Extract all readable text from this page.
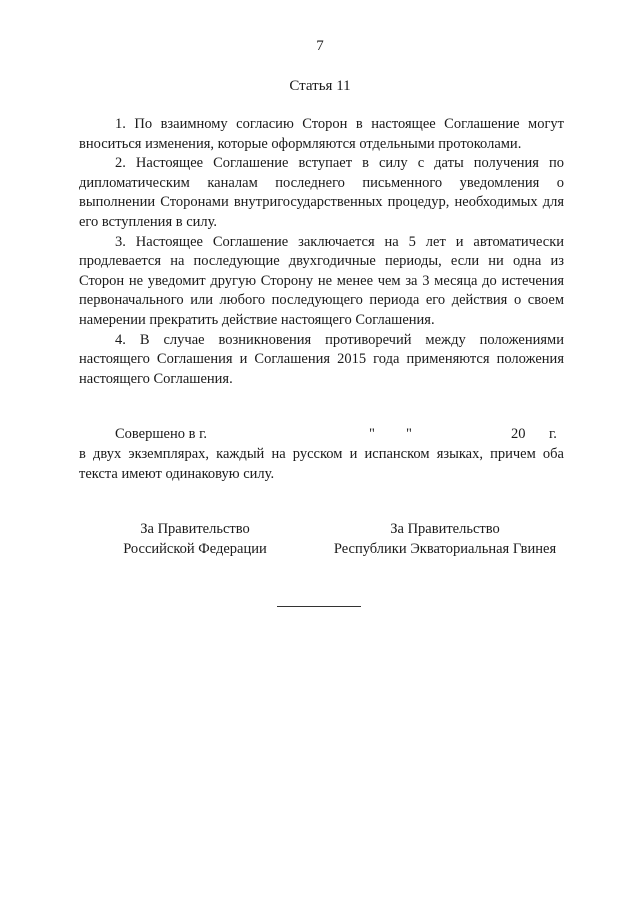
7
Статья 11

1. По взаимному согласию Сторон в настоящее Соглашение могут вноситься изменения, которые оформляются отдельными протоколами.

2. Настоящее Соглашение вступает в силу с даты получения по дипломатическим каналам последнего письменного уведомления о выполнении Сторонами внутригосударственных процедур, необходимых для его вступления в силу.

3. Настоящее Соглашение заключается на 5 лет и автоматически продлевается на последующие двухгодичные периоды, если ни одна из Сторон не уведомит другую Сторону не менее чем за 3 месяца до истечения первоначального или любого последующего периода его действия о своем намерении прекратить действие настоящего Соглашения.

4. В случае возникновения противоречий между положениями настоящего Соглашения и Соглашения 2015 года применяются положения настоящего Соглашения.

Совершено в г.	" "	20 г.

в двух экземплярах, каждый на русском и испанском языках, причем оба текста имеют одинаковую силу.

За Правительство
Российской Федерации
За Правительство
Республики Экваториальная Гвинея
